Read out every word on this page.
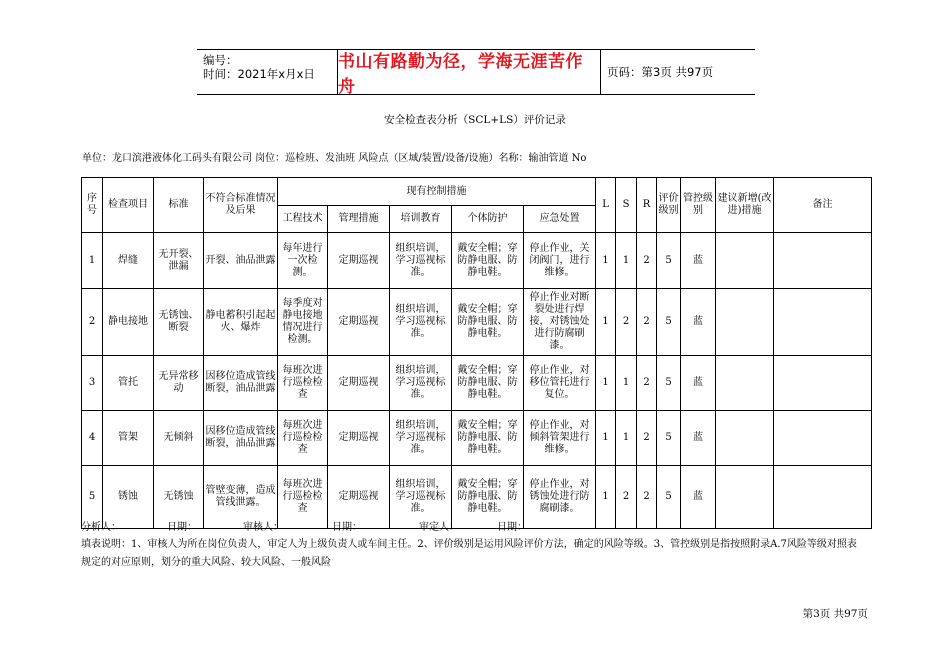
编号：
时间：2021年x月x日
书山有路勤为径，学海无涯苦作舟
页码：第3页 共97页
安全检查表分析（SCL+LS）评价记录
单位：龙口滨港液体化工码头有限公司 岗位：巡检班、发油班 风险点（区域/装置/设备/设施）名称：输油管道 No
序号	检查项目	标准	不符合标准情况及后果	现有控制措施					L	S	R	评价级别	管控级别	建议新增(改进)措施	备注
				工程技术	管理措施	培训教育	个体防护	应急处置							
1	焊缝	无开裂、泄漏	开裂、油品泄露	每年进行一次检测。	定期巡视	组织培训，学习巡视标准。	戴安全帽；穿防静电服、防静电鞋。	停止作业，关闭阀门，进行维修。	1	1	2	5	蓝		
2	静电接地	无锈蚀、断裂	静电蓄积引起起火、爆炸	每季度对静电接地情况进行检测。	定期巡视	组织培训，学习巡视标准。	戴安全帽；穿防静电服、防静电鞋。	停止作业对断裂处进行焊接，对锈蚀处进行防腐刷漆。	1	2	2	5	蓝		
3	管托	无异常移动	因移位造成管线断裂，油品泄露	每班次进行巡检检查	定期巡视	组织培训，学习巡视标准。	戴安全帽；穿防静电服、防静电鞋。	停止作业，对移位管托进行复位。	1	1	2	5	蓝		
4	管架	无倾斜	因移位造成管线断裂，油品泄露	每班次进行巡检检查	定期巡视	组织培训，学习巡视标准。	戴安全帽；穿防静电服、防静电鞋。	停止作业，对倾斜管架进行维修。	1	1	2	5	蓝		
5	锈蚀	无锈蚀	管壁变薄，造成管线泄露。	每班次进行巡检检查	定期巡视	组织培训，学习巡视标准。	戴安全帽；穿防静电服、防静电鞋。	停止作业，对锈蚀处进行防腐刷漆。	1	2	2	5	蓝		
分析人：	日期：	审核人：	日期：	审定人：	日期：
填表说明：1、审核人为所在岗位负责人，审定人为上级负责人或车间主任。2、评价级别是运用风险评价方法，确定的风险等级。3、管控级别是指按照附录A.7风险等级对照表规定的对应原则，划分的重大风险、较大风险、一般风险
第3页 共97页
